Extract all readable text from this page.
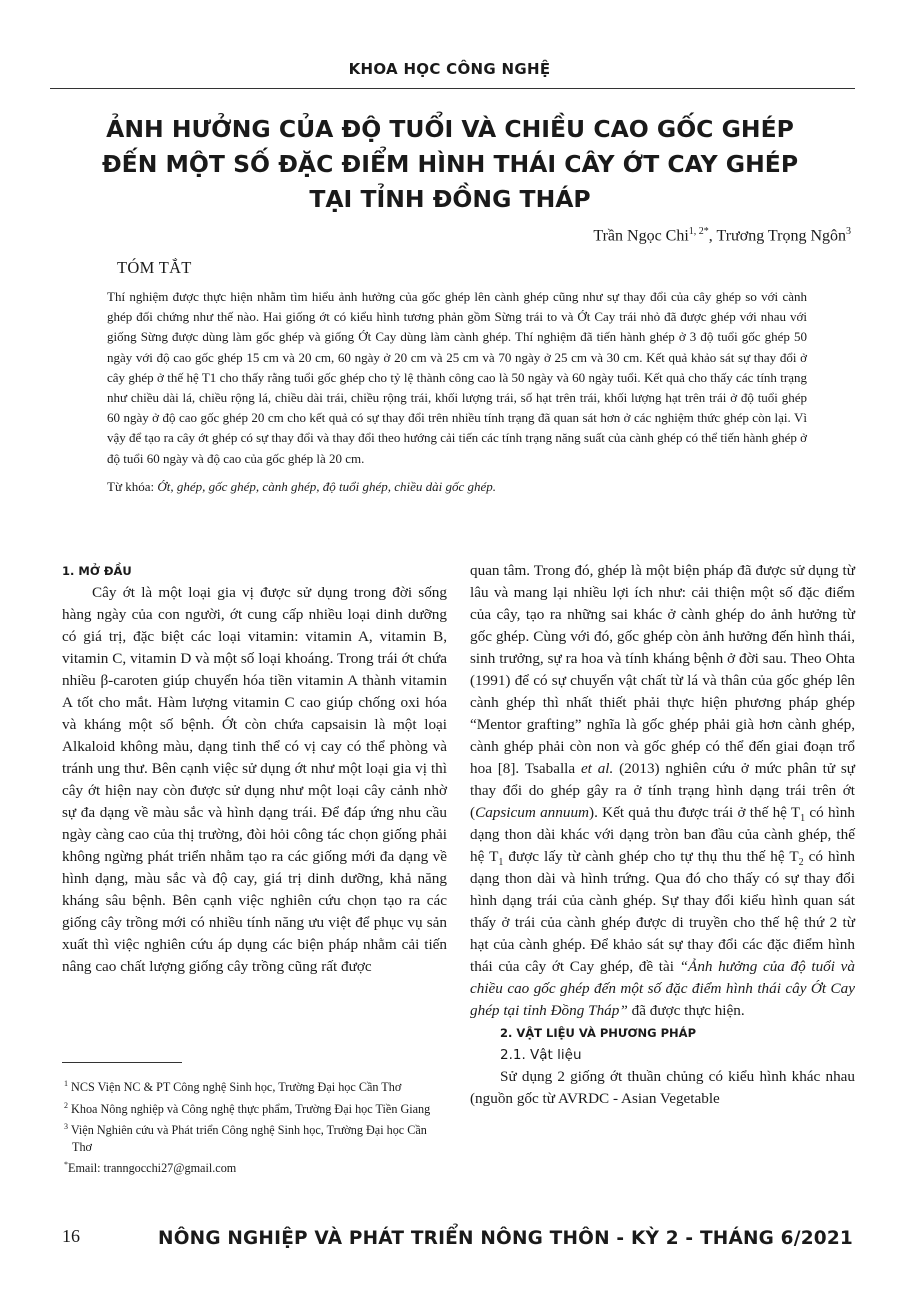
KHOA HỌC CÔNG NGHỆ
ẢNH HƯỞNG CỦA ĐỘ TUỔI VÀ CHIỀU CAO GỐC GHÉP
ĐẾN MỘT SỐ ĐẶC ĐIỂM HÌNH THÁI CÂY ỚT CAY GHÉP
TẠI TỈNH ĐỒNG THÁP
Trần Ngọc Chi$^{1, 2*}$, Trương Trọng Ngôn$^3$
TÓM TẮT

Thí nghiệm được thực hiện nhằm tìm hiểu ảnh hưởng của gốc ghép lên cành ghép cũng như sự thay đổi của cây ghép so với cành ghép đối chứng như thế nào. Hai giống ớt có kiểu hình tương phản gồm Sừng trái to và Ớt Cay trái nhỏ đã được ghép với nhau với giống Sừng được dùng làm gốc ghép và giống Ớt Cay dùng làm cành ghép. Thí nghiệm đã tiến hành ghép ở 3 độ tuổi gốc ghép 50 ngày với độ cao gốc ghép 15 cm và 20 cm, 60 ngày ở 20 cm và 25 cm và 70 ngày ở 25 cm và 30 cm. Kết quả khảo sát sự thay đổi ở cây ghép ở thế hệ T1 cho thấy rằng tuổi gốc ghép cho tỷ lệ thành công cao là 50 ngày và 60 ngày tuổi. Kết quả cho thấy các tính trạng như chiều dài lá, chiều rộng lá, chiều dài trái, chiều rộng trái, khối lượng trái, số hạt trên trái, khối lượng hạt trên trái ở độ tuổi ghép 60 ngày ở độ cao gốc ghép 20 cm cho kết quả có sự thay đổi trên nhiều tính trạng đã quan sát hơn ở các nghiệm thức ghép còn lại. Vì vậy để tạo ra cây ớt ghép có sự thay đổi và thay đổi theo hướng cải tiến các tính trạng năng suất của cành ghép có thể tiến hành ghép ở độ tuổi 60 ngày và độ cao của gốc ghép là 20 cm.

Từ khóa: Ớt, ghép, gốc ghép, cành ghép, độ tuổi ghép, chiều dài gốc ghép.

1. MỞ ĐẦU

Cây ớt là một loại gia vị được sử dụng trong đời sống hàng ngày của con người, ớt cung cấp nhiều loại dinh dưỡng có giá trị, đặc biệt các loại vitamin: vitamin A, vitamin B, vitamin C, vitamin D và một số loại khoáng. Trong trái ớt chứa nhiều β-caroten giúp chuyển hóa tiền vitamin A thành vitamin A tốt cho mắt. Hàm lượng vitamin C cao giúp chống oxi hóa và kháng một số bệnh. Ớt còn chứa capsaisin là một loại Alkaloid không màu, dạng tinh thể có vị cay có thể phòng và tránh ung thư. Bên cạnh việc sử dụng ớt như một loại gia vị thì cây ớt hiện nay còn được sử dụng như một loại cây cảnh nhờ sự đa dạng về màu sắc và hình dạng trái. Để đáp ứng nhu cầu ngày càng cao của thị trường, đòi hỏi công tác chọn giống phải không ngừng phát triển nhằm tạo ra các giống mới đa dạng về hình dạng, màu sắc và độ cay, giá trị dinh dưỡng, khả năng kháng sâu bệnh. Bên cạnh việc nghiên cứu chọn tạo ra các giống cây trồng mới có nhiều tính năng ưu việt để phục vụ sản xuất thì việc nghiên cứu áp dụng các biện pháp nhằm cải tiến nâng cao chất lượng giống cây trồng cũng rất được

quan tâm. Trong đó, ghép là một biện pháp đã được sử dụng từ lâu và mang lại nhiều lợi ích như: cải thiện một số đặc điểm của cây, tạo ra những sai khác ở cành ghép do ảnh hưởng từ gốc ghép. Cùng với đó, gốc ghép còn ảnh hưởng đến hình thái, sinh trưởng, sự ra hoa và tính kháng bệnh ở đời sau. Theo Ohta (1991) để có sự chuyển vật chất từ lá và thân của gốc ghép lên cành ghép thì nhất thiết phải thực hiện phương pháp ghép “Mentor grafting” nghĩa là gốc ghép phải già hơn cành ghép, cành ghép phải còn non và gốc ghép có thể đến giai đoạn trổ hoa [8]. Tsaballa et al. (2013) nghiên cứu ở mức phân tử sự thay đổi do ghép gây ra ở tính trạng hình dạng trái trên ớt (Capsicum annuum). Kết quả thu được trái ở thế hệ $T_1$ có hình dạng thon dài khác với dạng tròn ban đầu của cành ghép, thế hệ $T_1$ được lấy từ cành ghép cho tự thụ thu thế hệ $T_2$ có hình dạng thon dài và hình trứng. Qua đó cho thấy có sự thay đổi hình dạng trái của cành ghép. Sự thay đổi kiểu hình quan sát thấy ở trái của cành ghép được di truyền cho thế hệ thứ 2 từ hạt của cành ghép. Để khảo sát sự thay đổi các đặc điểm hình thái của cây ớt Cay ghép, đề tài “Ảnh hưởng của độ tuổi và chiều cao gốc ghép đến một số đặc điểm hình thái cây Ớt Cay ghép tại tỉnh Đồng Tháp” đã được thực hiện.

2. VẬT LIỆU VÀ PHƯƠNG PHÁP

2.1. Vật liệu

Sử dụng 2 giống ớt thuần chủng có kiểu hình khác nhau (nguồn gốc từ AVRDC - Asian Vegetable

$^1$ NCS Viện NC & PT Công nghệ Sinh học, Trường Đại học Cần Thơ

$^2$ Khoa Nông nghiệp và Công nghệ thực phẩm, Trường Đại học Tiền Giang

$^3$ Viện Nghiên cứu và Phát triển Công nghệ Sinh học, Trường Đại học Cần Thơ

*Email: tranngocchi27@gmail.com

16	NÔNG NGHIỆP VÀ PHÁT TRIỂN NÔNG THÔN - KỲ 2 - THÁNG 6/2021
